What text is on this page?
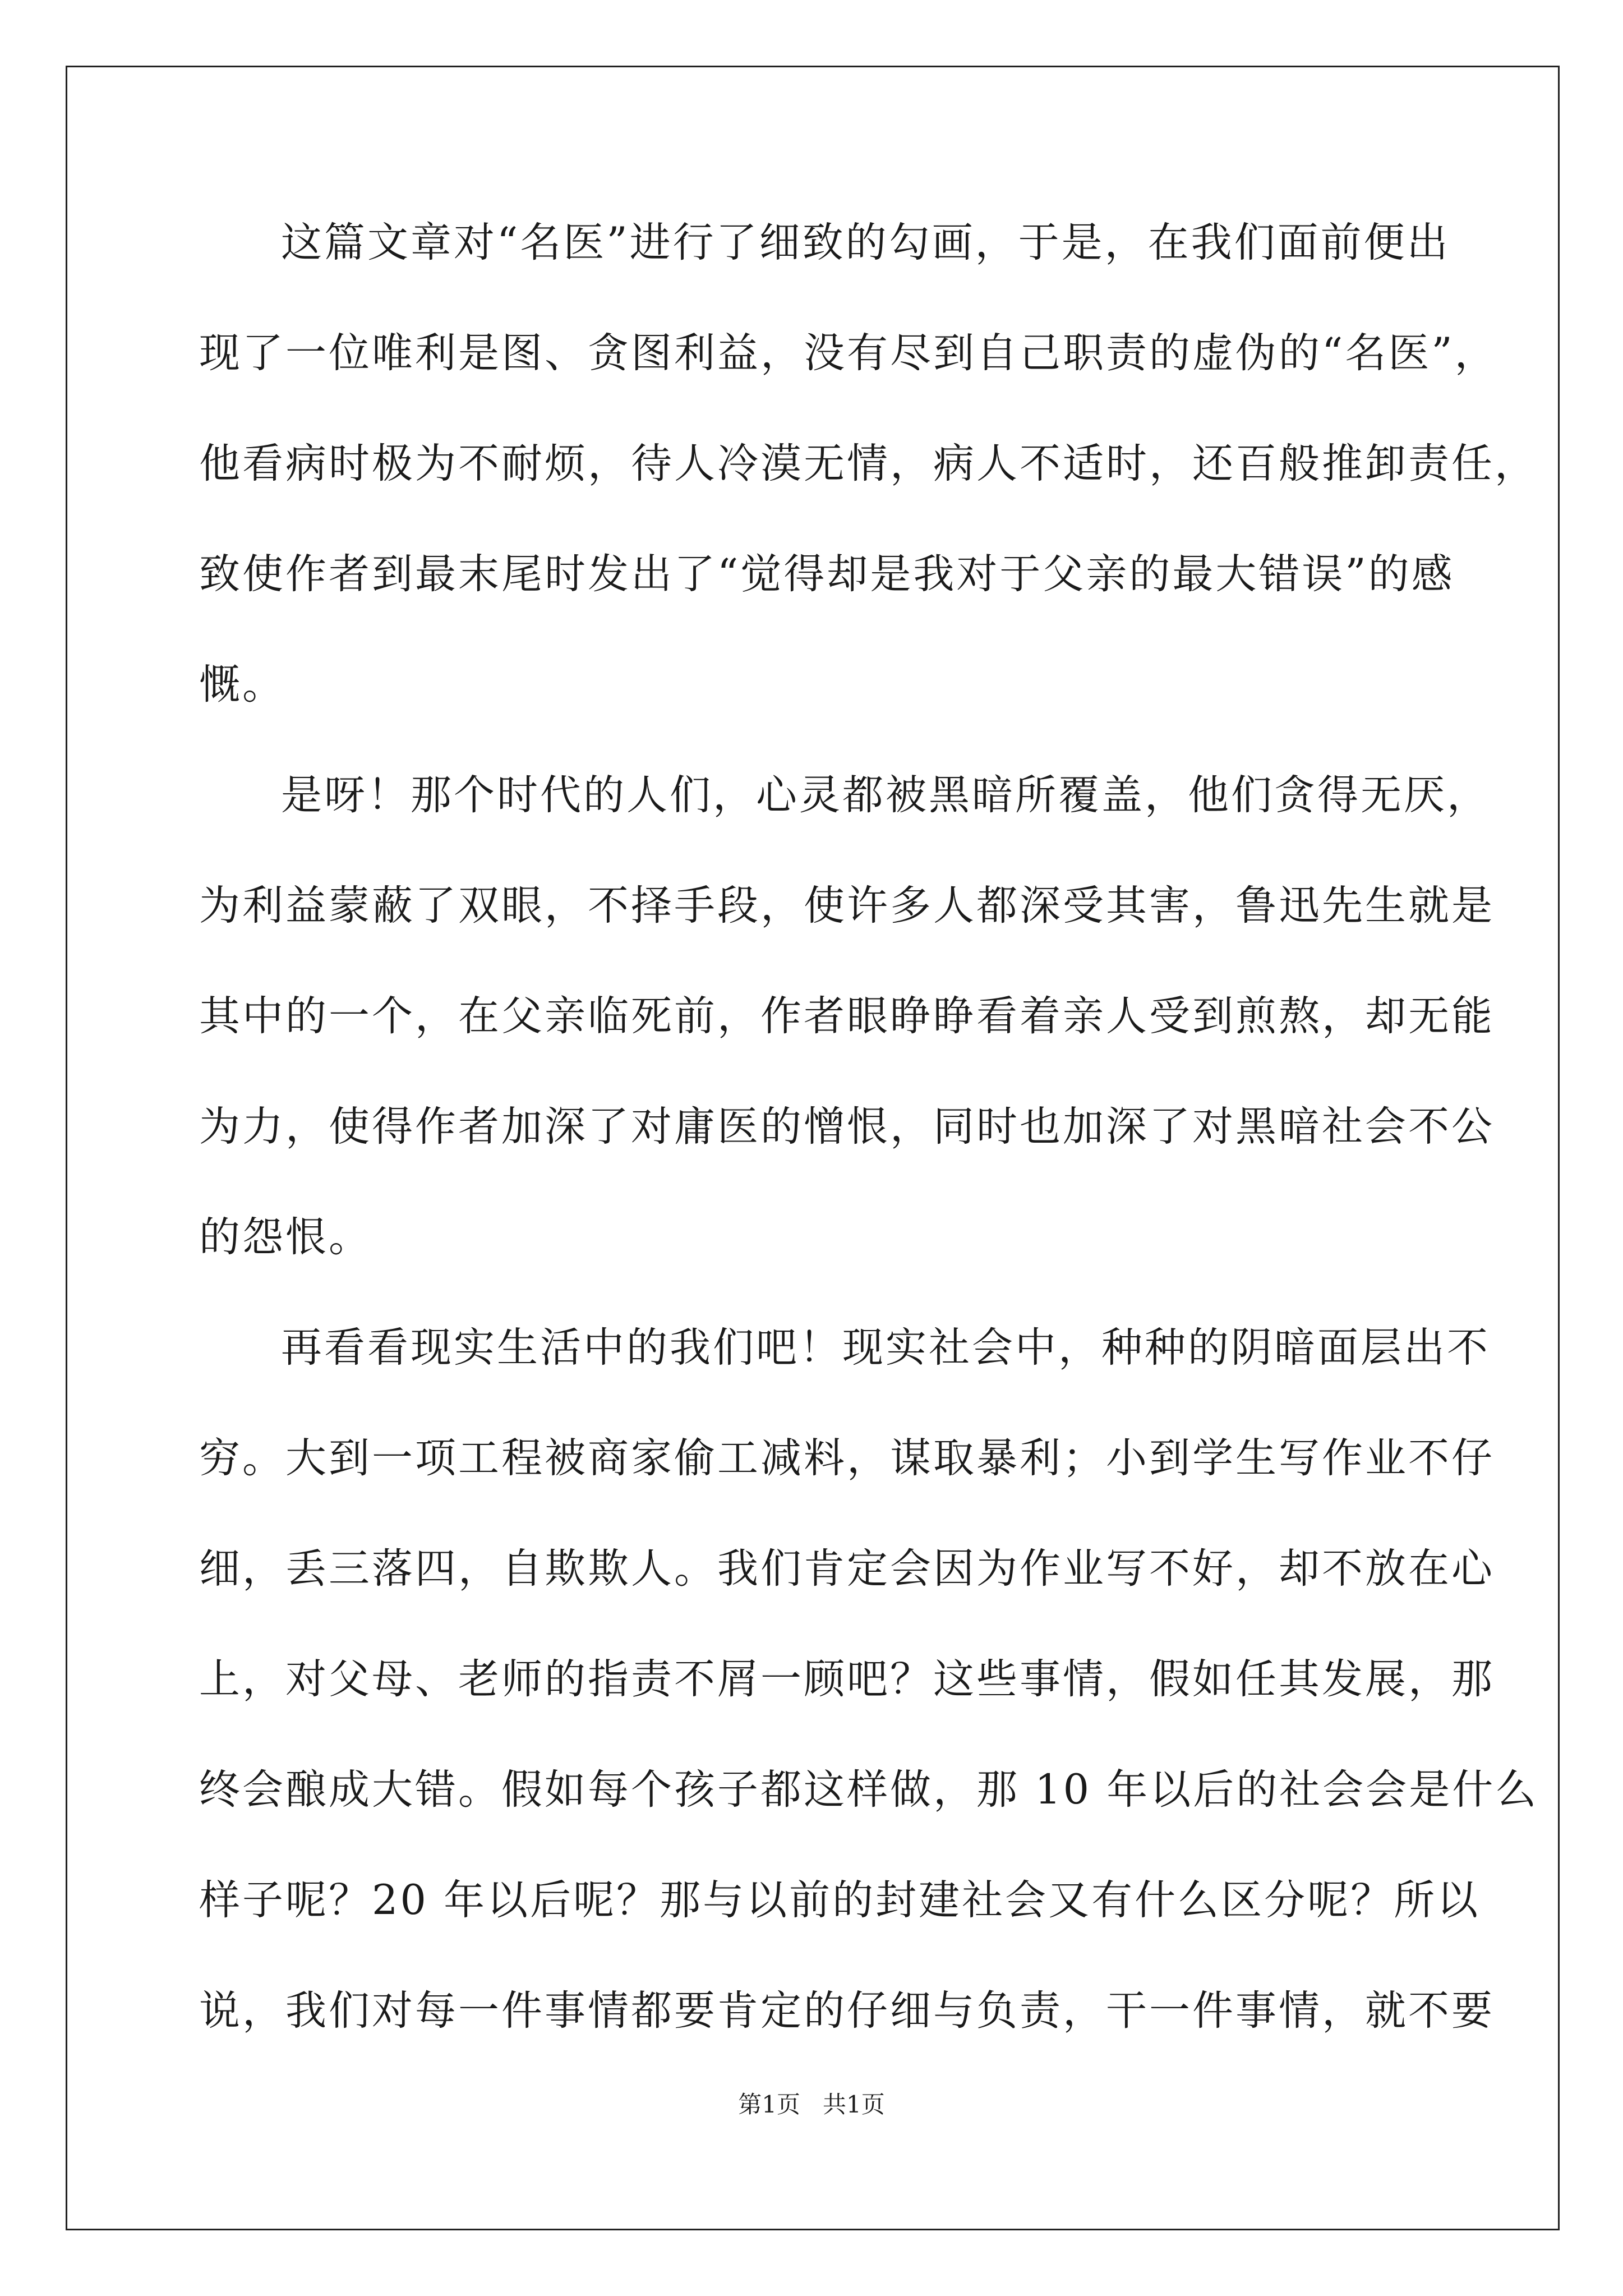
这篇文章对“名医”进行了细致的勾画，于是，在我们面前便出
现了一位唯利是图、贪图利益，没有尽到自己职责的虚伪的“名医”，
他看病时极为不耐烦，待人冷漠无情，病人不适时，还百般推卸责任，
致使作者到最末尾时发出了“觉得却是我对于父亲的最大错误”的感
慨。
是呀！那个时代的人们，心灵都被黑暗所覆盖，他们贪得无厌，
为利益蒙蔽了双眼，不择手段，使许多人都深受其害，鲁迅先生就是
其中的一个，在父亲临死前，作者眼睁睁看着亲人受到煎熬，却无能
为力，使得作者加深了对庸医的憎恨，同时也加深了对黑暗社会不公
的怨恨。
再看看现实生活中的我们吧！现实社会中，种种的阴暗面层出不
穷。大到一项工程被商家偷工减料，谋取暴利；小到学生写作业不仔
细，丢三落四，自欺欺人。我们肯定会因为作业写不好，却不放在心
上，对父母、老师的指责不屑一顾吧？这些事情，假如任其发展，那
终会酿成大错。假如每个孩子都这样做，那 10 年以后的社会会是什么
样子呢？20 年以后呢？那与以前的封建社会又有什么区分呢？所以
说，我们对每一件事情都要肯定的仔细与负责，干一件事情，就不要
第1页   共1页
